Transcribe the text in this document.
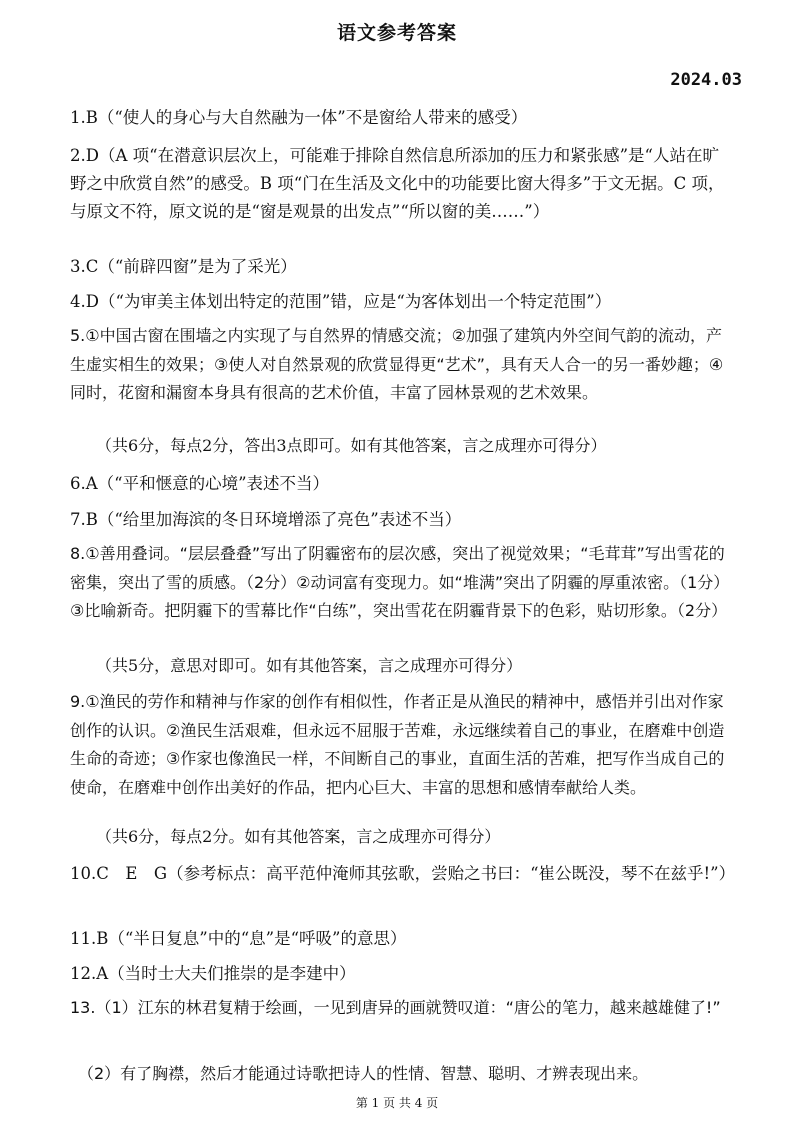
语文参考答案
2024.03
1.B（“使人的身心与大自然融为一体”不是窗给人带来的感受）
2.D（A 项“在潜意识层次上，可能难于排除自然信息所添加的压力和紧张感”是“人站在旷野之中欣赏自然”的感受。B 项“门在生活及文化中的功能要比窗大得多”于文无据。C 项，与原文不符，原文说的是“窗是观景的出发点”“所以窗的美……”）
3.C（“前辟四窗”是为了采光）
4.D（“为审美主体划出特定的范围”错，应是“为客体划出一个特定范围”）
5.①中国古窗在围墙之内实现了与自然界的情感交流；②加强了建筑内外空间气韵的流动，产生虚实相生的效果；③使人对自然景观的欣赏显得更“艺术”，具有天人合一的另一番妙趣；④同时，花窗和漏窗本身具有很高的艺术价值，丰富了园林景观的艺术效果。
（共6分，每点2分，答出3点即可。如有其他答案，言之成理亦可得分）
6.A（“平和惬意的心境”表述不当）
7.B（“给里加海滨的冬日环境增添了亮色”表述不当）
8.①善用叠词。“层层叠叠”写出了阴霾密布的层次感，突出了视觉效果；“毛茸茸”写出雪花的密集，突出了雪的质感。（2分）②动词富有变现力。如“堆满”突出了阴霾的厚重浓密。（1分）③比喻新奇。把阴霾下的雪幕比作“白练”，突出雪花在阴霾背景下的色彩，贴切形象。（2分）
（共5分，意思对即可。如有其他答案，言之成理亦可得分）
9.①渔民的劳作和精神与作家的创作有相似性，作者正是从渔民的精神中，感悟并引出对作家创作的认识。②渔民生活艰难，但永远不屈服于苦难，永远继续着自己的事业，在磨难中创造生命的奇迹；③作家也像渔民一样，不间断自己的事业，直面生活的苦难，把写作当成自己的使命，在磨难中创作出美好的作品，把内心巨大、丰富的思想和感情奉献给人类。
（共6分，每点2分。如有其他答案，言之成理亦可得分）
10.C　E　G（参考标点：高平范仲淹师其弦歌，尝贻之书曰：“崔公既没，琴不在兹乎!”）
11.B（“半日复息”中的“息”是“呼吸”的意思）
12.A（当时士大夫们推崇的是李建中）
13.（1）江东的林君复精于绘画，一见到唐异的画就赞叹道：“唐公的笔力，越来越雄健了!”
（2）有了胸襟，然后才能通过诗歌把诗人的性情、智慧、聪明、才辨表现出来。
第 1 页 共 4 页
